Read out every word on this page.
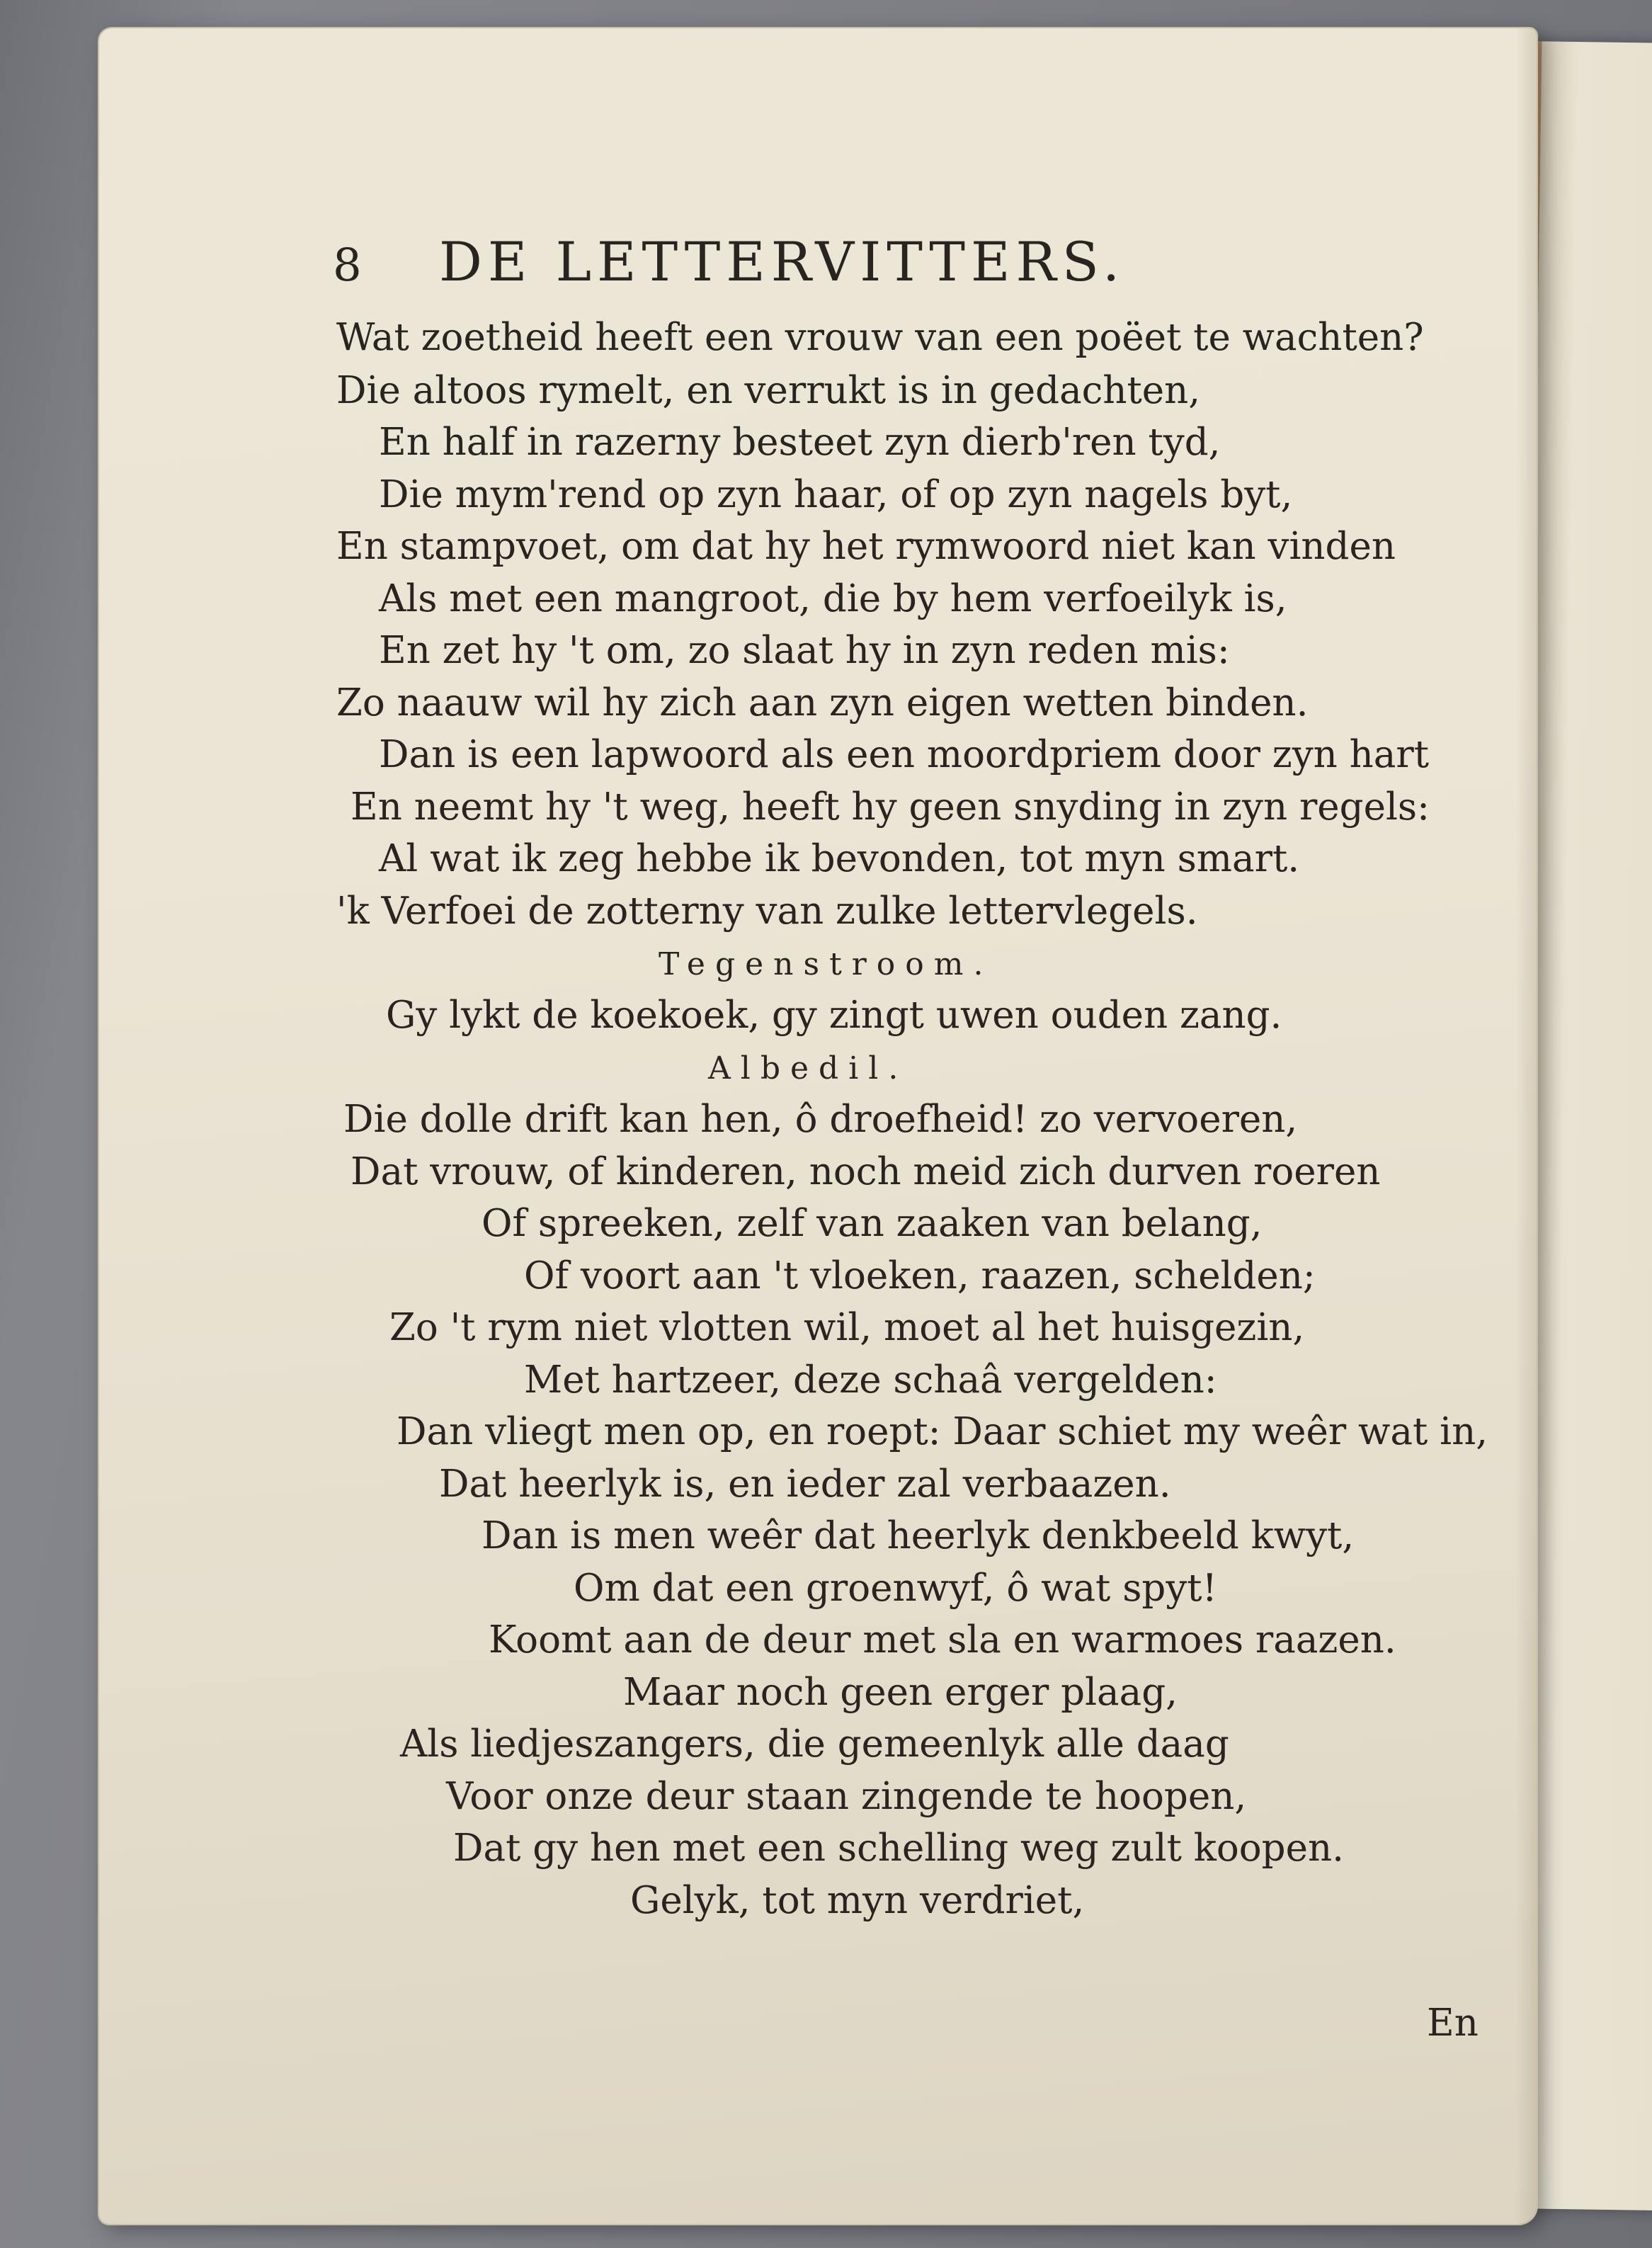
8 DE LETTERVITTERS.
Wat zoetheid heeft een vrouw van een poëet te wachten?
Die altoos rymelt, en verrukt is in gedachten,
En half in razerny besteet zyn dierb'ren tyd,
Die mym'rend op zyn haar, of op zyn nagels byt,
En stampvoet, om dat hy het rymwoord niet kan vinden
Als met een mangroot, die by hem verfoeilyk is,
En zet hy 't om, zo slaat hy in zyn reden mis:
Zo naauw wil hy zich aan zyn eigen wetten binden.
Dan is een lapwoord als een moordpriem door zyn hart
En neemt hy 't weg, heeft hy geen snyding in zyn regels:
Al wat ik zeg hebbe ik bevonden, tot myn smart.
'k Verfoei de zotterny van zulke lettervlegels.
Tegenstroom.
Gy lykt de koekoek, gy zingt uwen ouden zang.
Albedil.
Die dolle drift kan hen, ô droefheid! zo vervoeren,
Dat vrouw, of kinderen, noch meid zich durven roeren
Of spreeken, zelf van zaaken van belang,
Of voort aan 't vloeken, raazen, schelden;
Zo 't rym niet vlotten wil, moet al het huisgezin,
Met hartzeer, deze schaâ vergelden:
Dan vliegt men op, en roept: Daar schiet my weêr wat in,
Dat heerlyk is, en ieder zal verbaazen.
Dan is men weêr dat heerlyk denkbeeld kwyt,
Om dat een groenwyf, ô wat spyt!
Koomt aan de deur met sla en warmoes raazen.
Maar noch geen erger plaag,
Als liedjeszangers, die gemeenlyk alle daag
Voor onze deur staan zingende te hoopen,
Dat gy hen met een schelling weg zult koopen.
Gelyk, tot myn verdriet,
En
